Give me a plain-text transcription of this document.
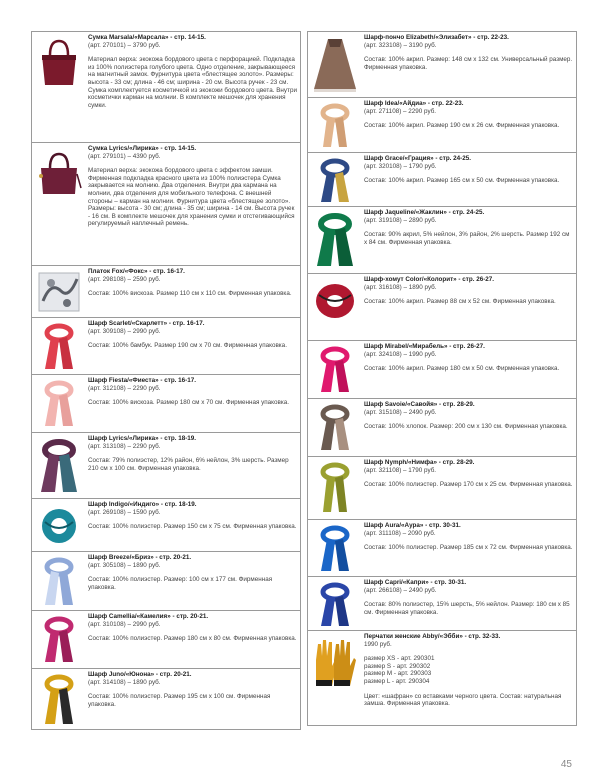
Сумка Marsala/«Марсала» - стр. 14-15.
(арт. 270101) – 3790 руб.
Материал верха: экокожа бордового цвета с перфорацией. Подкладка из 100% полиэстера голубого цвета. Одно отделение, закрывающееся на магнитный замок. Фурнитура цвета «блестящее золото». Размеры: высота - 33 см; длина - 46 см; ширина - 20 см. Высота ручек - 23 см. Сумка комплектуется косметичкой из экокожи бордового цвета. Внутри косметички карман на молнии. В комплекте мешочек для хранения сумки.
Сумка Lyrics/«Лирика» - стр. 14-15.
(арт. 279101) – 4390 руб.
Материал верха: экокожа бордового цвета с эффектом замши. Фирменная подкладка красного цвета из 100% полиэстера Сумка закрывается на молнию. Два отделения. Внутри два кармана на молнии, два отделения для мобильного телефона. С внешней стороны – карман на молнии. Фурнитура цвета «блестящее золото». Размеры: высота - 30 см; длина - 35 см; ширина - 14 см. Высота ручек - 16 см. В комплекте мешочек для хранения сумки и отстегивающийся регулируемый наплечный ремень.
Платок Fox/«Фокс» - стр. 16-17.
(арт. 298108) – 2590 руб.
Состав: 100% вискоза. Размер 110 см х 110 см. Фирменная упаковка.
Шарф Scarlet/«Скарлетт» - стр. 16-17.
(арт. 309108) – 2990 руб.
Состав: 100% бамбук. Размер 190 см х 70 см. Фирменная упаковка.
Шарф Fiesta/«Фиеста» - стр. 16-17.
(арт. 312108) – 2290 руб.
Состав: 100% вискоза. Размер 180 см х 70 см. Фирменная упаковка.
Шарф Lyrics/«Лирика» - стр. 18-19.
(арт. 313108) – 2290 руб.
Состав: 79% полиэстер, 12% район, 6% нейлон, 3% шерсть. Размер 210 см х 100 см. Фирменная упаковка.
Шарф Indigo/«Индиго» - стр. 18-19.
(арт. 269108) – 1590 руб.
Состав: 100% полиэстер. Размер 150 см х 75 см. Фирменная упаковка.
Шарф Breeze/«Бриз» - стр. 20-21.
(арт. 305108) – 1890 руб.
Состав: 100% полиэстер. Размер: 100 см х 177 см. Фирменная упаковка.
Шарф Camellia/«Камелия» - стр. 20-21.
(арт. 310108) – 2990 руб.
Состав: 100% полиэстер. Размер 180 см х 80 см. Фирменная упаковка.
Шарф Juno/«Юнона» - стр. 20-21.
(арт. 314108) – 1890 руб.
Состав: 100% полиэстер. Размер 195 см х 100 см. Фирменная упаковка.
Шарф-пончо Elizabeth/«Элизабет» - стр. 22-23.
(арт. 323108) – 3190 руб.
Состав: 100% акрил. Размер: 148 см х 132 см. Универсальный размер. Фирменная упаковка.
Шарф Idea/«Айдиа» - стр. 22-23.
(арт. 271108) – 2290 руб.
Состав: 100% акрил. Размер 190 см х 26 см. Фирменная упаковка.
Шарф Grace/«Грация» - стр. 24-25.
(арт. 320108) – 1790 руб.
Состав: 100% акрил. Размер 165 см х 50 см. Фирменная упаковка.
Шарф Jaqueline/«Жаклин» - стр. 24-25.
(арт. 319108) – 2890 руб.
Состав: 90% акрил, 5% нейлон, 3% район, 2% шерсть. Размер 192 см х 84 см. Фирменная упаковка.
Шарф-хомут Color/«Колорит» - стр. 26-27.
(арт. 316108) – 1890 руб.
Состав: 100% акрил. Размер 88 см х 52 см. Фирменная упаковка.
Шарф Mirabel/«Мирабель» - стр. 26-27.
(арт. 324108) – 1990 руб.
Состав: 100% акрил. Размер 180 см х 50 см. Фирменная упаковка.
Шарф Savoie/«Савойя» - стр. 28-29.
(арт. 315108) – 2490 руб.
Состав: 100% хлопок. Размер: 200 см х 130 см. Фирменная упаковка.
Шарф Nymph/«Нимфа» - стр. 28-29.
(арт. 321108) – 1790 руб.
Состав: 100% полиэстер. Размер 170 см х 25 см. Фирменная упаковка.
Шарф Aura/«Аура» - стр. 30-31.
(арт. 311108) – 2090 руб.
Состав: 100% полиэстер. Размер 185 см х 72 см. Фирменная упаковка.
Шарф Capri/«Капри» - стр. 30-31.
(арт. 266108) – 2490 руб.
Состав: 80% полиэстер, 15% шерсть, 5% нейлон. Размер: 180 см х 85 см. Фирменная упаковка.
Перчатки женские Abby/«Эбби» - стр. 32-33.
1990 руб.
размер XS - арт. 290301
размер S - арт. 290302
размер M - арт. 290303
размер L - арт. 290304
Цвет: «шафран» со вставками черного цвета. Состав: натуральная замша. Фирменная упаковка.
45
